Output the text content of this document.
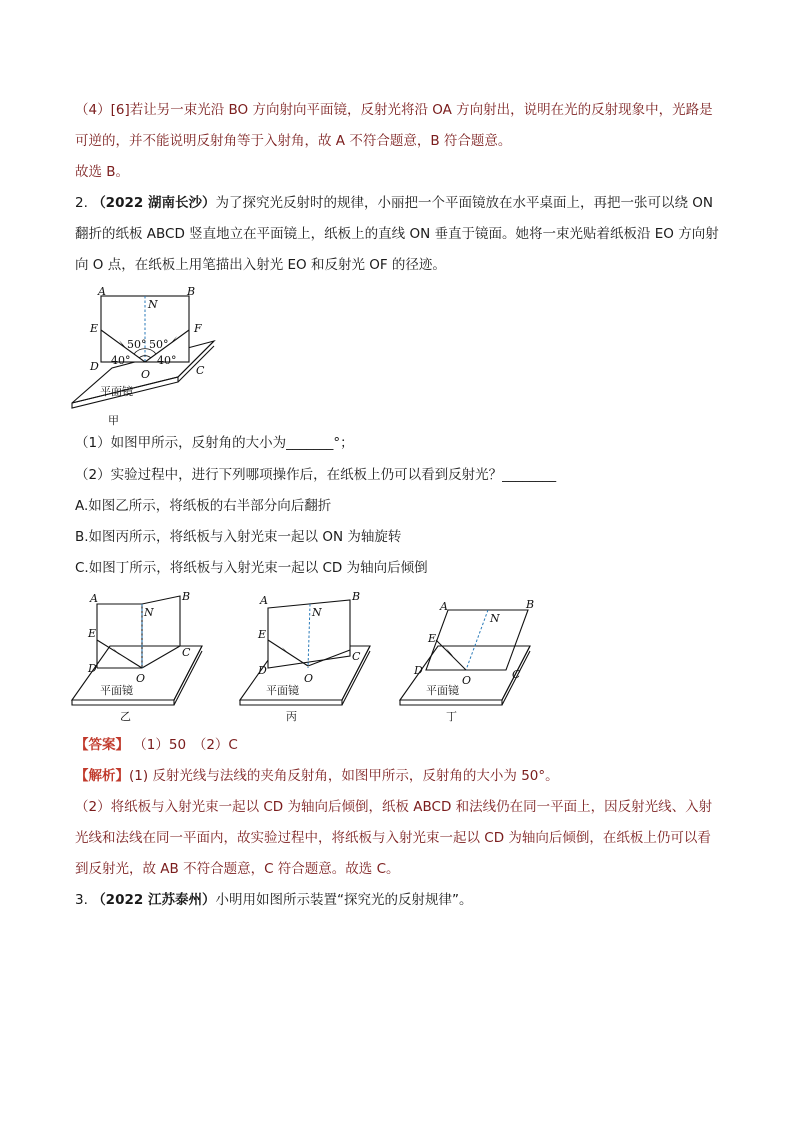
（4）[6]若让另一束光沿 BO 方向射向平面镜，反射光将沿 OA 方向射出，说明在光的反射现象中，光路是
可逆的，并不能说明反射角等于入射角，故 A 不符合题意，B 符合题意。
故选 B。
2. （2022 湖南长沙）为了探究光反射时的规律，小丽把一个平面镜放在水平桌面上，再把一张可以绕 ON
翻折的纸板 ABCD 竖直地立在平面镜上，纸板上的直线 ON 垂直于镜面。她将一束光贴着纸板沿 EO 方向射
向 O 点，在纸板上用笔描出入射光 EO 和反射光 OF 的径迹。
A	B
N
E	F
D	C
O
50° 50°
40° 40°
平面镜
甲
（1）如图甲所示，反射角的大小为_______°；
（2）实验过程中，进行下列哪项操作后，在纸板上仍可以看到反射光？________
A.如图乙所示，将纸板的右半部分向后翻折
B.如图丙所示，将纸板与入射光束一起以 ON 为轴旋转
C.如图丁所示，将纸板与入射光束一起以 CD 为轴向后倾倒
A	B
N
E
D
C
O
平面镜
乙
A	B
N
E
D
C
O
平面镜
丙
A	B
N
E
D	C
O
平面镜
丁
【答案】 （1）50　（2）C
【解析】(1) 反射光线与法线的夹角反射角，如图甲所示，反射角的大小为 50°。
（2）将纸板与入射光束一起以 CD 为轴向后倾倒，纸板 ABCD 和法线仍在同一平面上，因反射光线、入射
光线和法线在同一平面内，故实验过程中，将纸板与入射光束一起以 CD 为轴向后倾倒，在纸板上仍可以看
到反射光，故 AB 不符合题意，C 符合题意。故选 C。
3. （2022 江苏泰州）小明用如图所示装置“探究光的反射规律”。
